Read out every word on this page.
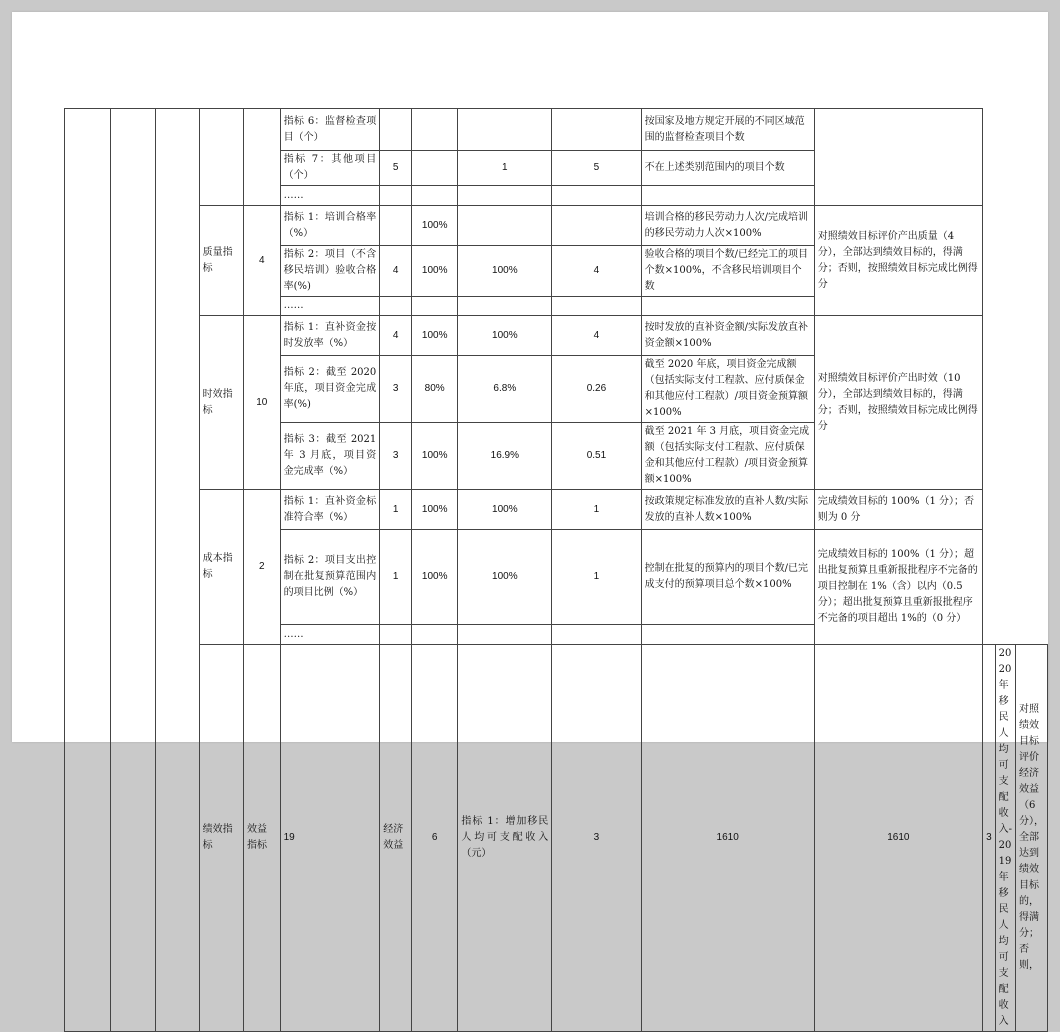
					指标 6：监督检查项目（个）					按国家及地方规定开展的不同区域范围的监督检查项目个数				
					指标 7：其他项目（个）	5		1	5	不在上述类别范围内的项目个数				
					……									
			质量指标	4	指标 1：培训合格率（%）		100%			培训合格的移民劳动力人次/完成培训的移民劳动力人次×100%	对照绩效目标评价产出质量（4 分），全部达到绩效目标的，得满分；否则，按照绩效目标完成比例得分			
					指标 2：项目（不含移民培训）验收合格率(%)	4	100%	100%	4	验收合格的项目个数/已经完工的项目个数×100%，不含移民培训项目个数				
					……									
			时效指标	10	指标 1：直补资金按时发放率（%）	4	100%	100%	4	按时发放的直补资金额/实际发放直补资金额×100%	对照绩效目标评价产出时效（10 分），全部达到绩效目标的，得满分；否则，按照绩效目标完成比例得分			
					指标 2：截至 2020 年底，项目资金完成率(%)	3	80%	6.8%	0.26	截至 2020 年底，项目资金完成额（包括实际支付工程款、应付质保金和其他应付工程款）/项目资金预算额×100%				
					指标 3：截至 2021 年 3 月底，项目资金完成率（%）	3	100%	16.9%	0.51	截至 2021 年 3 月底，项目资金完成额（包括实际支付工程款、应付质保金和其他应付工程款）/项目资金预算额×100%				
			成本指标	2	指标 1：直补资金标准符合率（%）	1	100%	100%	1	按政策规定标准发放的直补人数/实际发放的直补人数×100%	完成绩效目标的 100%（1 分）；否则为 0 分			
					指标 2：项目支出控制在批复预算范围内的项目比例（%）	1	100%	100%	1	控制在批复的预算内的项目个数/已完成支付的预算项目总个数×100%	完成绩效目标的 100%（1 分）；超出批复预算且重新报批程序不完备的项目控制在 1%（含）以内（0.5 分）；超出批复预算且重新报批程序不完备的项目超出 1%的（0 分）			
					……									
			绩效指标	效益指标	19	经济效益	6	指标 1：增加移民人均可支配收入（元）	3	1610	1610	3	2020 年移民人均可支配收入-2019 年移民人均可支配收入	对照绩效目标评价经济效益（6 分），全部达到绩效目标的，得满分；否则，
